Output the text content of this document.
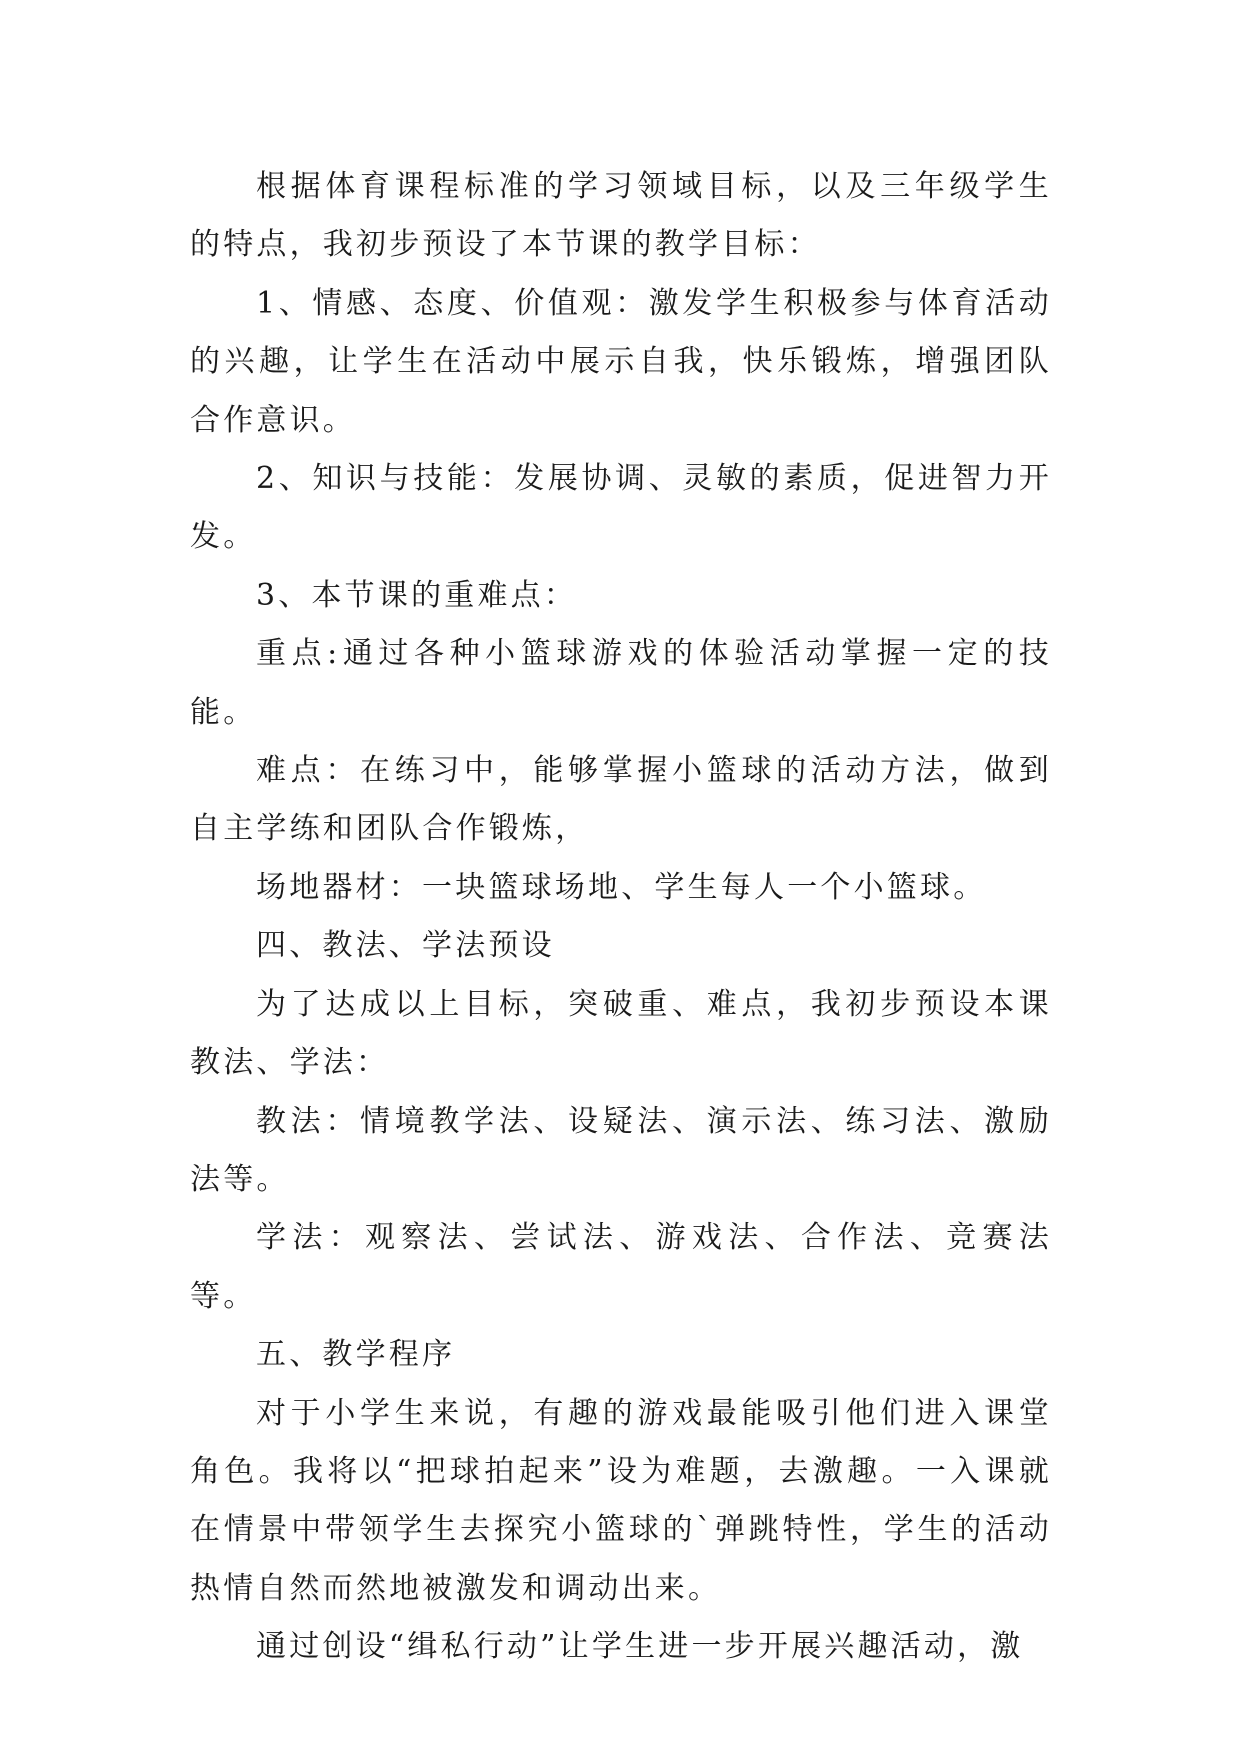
根据体育课程标准的学习领域目标，以及三年级学生的特点，我初步预设了本节课的教学目标：

1、情感、态度、价值观：激发学生积极参与体育活动的兴趣，让学生在活动中展示自我，快乐锻炼，增强团队合作意识。

2、知识与技能：发展协调、灵敏的素质，促进智力开发。

3、本节课的重难点：

重点:通过各种小篮球游戏的体验活动掌握一定的技能。

难点：在练习中，能够掌握小篮球的活动方法，做到自主学练和团队合作锻炼，

场地器材：一块篮球场地、学生每人一个小篮球。

四、教法、学法预设

为了达成以上目标，突破重、难点，我初步预设本课教法、学法：

教法：情境教学法、设疑法、演示法、练习法、激励法等。

学法：观察法、尝试法、游戏法、合作法、竞赛法等。

五、教学程序

对于小学生来说，有趣的游戏最能吸引他们进入课堂角色。我将以“把球拍起来”设为难题，去激趣。一入课就在情景中带领学生去探究小篮球的`弹跳特性，学生的活动热情自然而然地被激发和调动出来。

通过创设“缉私行动”让学生进一步开展兴趣活动，激
